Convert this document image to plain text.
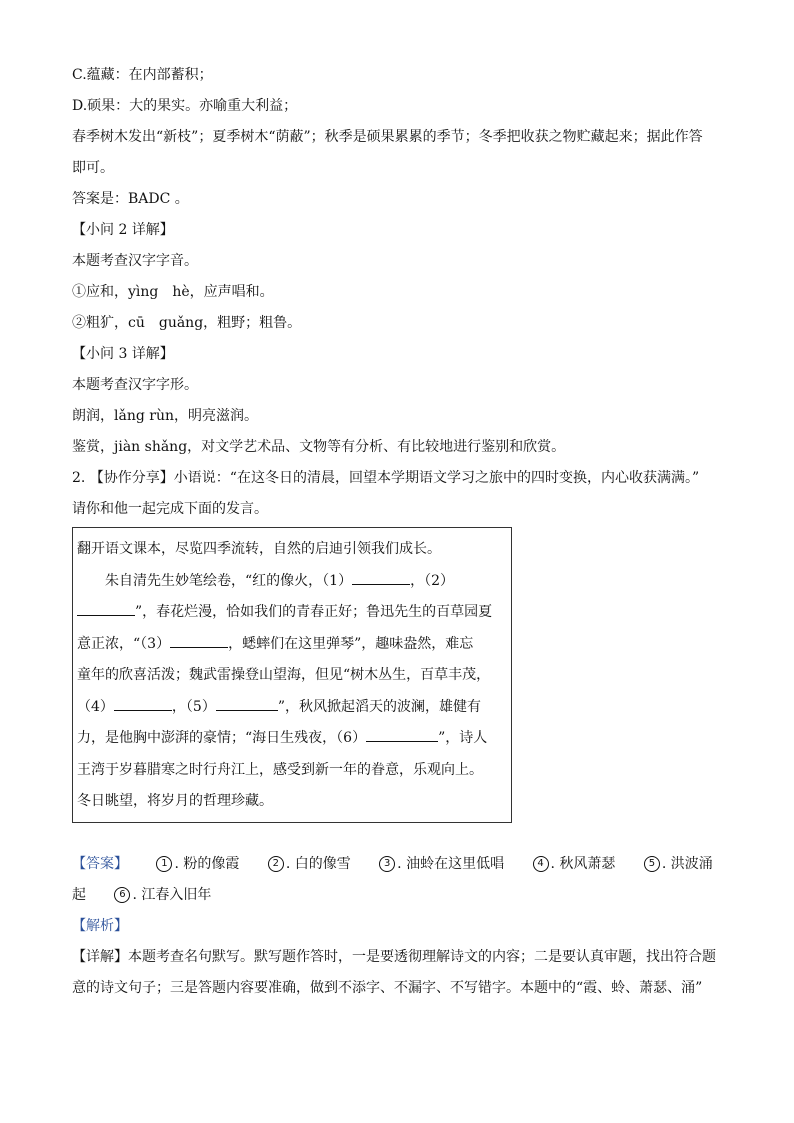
C.蕴藏：在内部蓄积；

D.硕果：大的果实。亦喻重大利益；

春季树木发出“新枝”；夏季树木“荫蔽”；秋季是硕果累累的季节；冬季把收获之物贮藏起来；据此作答

即可。

答案是：BADC 。

【小问 2 详解】

本题考查汉字字音。

①应和，yìng　hè，应声唱和。

②粗犷，cū　guǎng，粗野；粗鲁。

【小问 3 详解】

本题考查汉字字形。

朗润，lǎng rùn，明亮滋润。

鉴赏，jiàn shǎng，对文学艺术品、文物等有分析、有比较地进行鉴别和欣赏。

2. 【协作分享】小语说：“在这冬日的清晨，回望本学期语文学习之旅中的四时变换，内心收获满满。”

请你和他一起完成下面的发言。

翻开语文课本，尽览四季流转，自然的启迪引领我们成长。
朱自清先生妙笔绘卷，“红的像火，（1）	，（2）
”，春花烂漫，恰如我们的青春正好；鲁迅先生的百草园夏
意正浓，“（3）	，蟋蟀们在这里弹琴”，趣味盎然，难忘
童年的欣喜活泼；魏武雷操登山望海，但见“树木丛生，百草丰茂，
（4）	，（5）	”，秋风掀起滔天的波澜，雄健有
力，是他胸中澎湃的豪情；“海日生残夜，（6）	”，诗人
王湾于岁暮腊寒之时行舟江上，感受到新一年的眷意，乐观向上。
冬日眺望，将岁月的哲理珍藏。

【答案】	1 . 粉的像霞	2 . 白的像雪	3 . 油蛉在这里低唱	4 . 秋风萧瑟	5 . 洪波涌

起	6 . 江春入旧年

【解析】

【详解】本题考查名句默写。默写题作答时，一是要透彻理解诗文的内容；二是要认真审题，找出符合题

意的诗文句子；三是答题内容要准确，做到不添字、不漏字、不写错字。本题中的“霞、蛉、萧瑟、涌”
